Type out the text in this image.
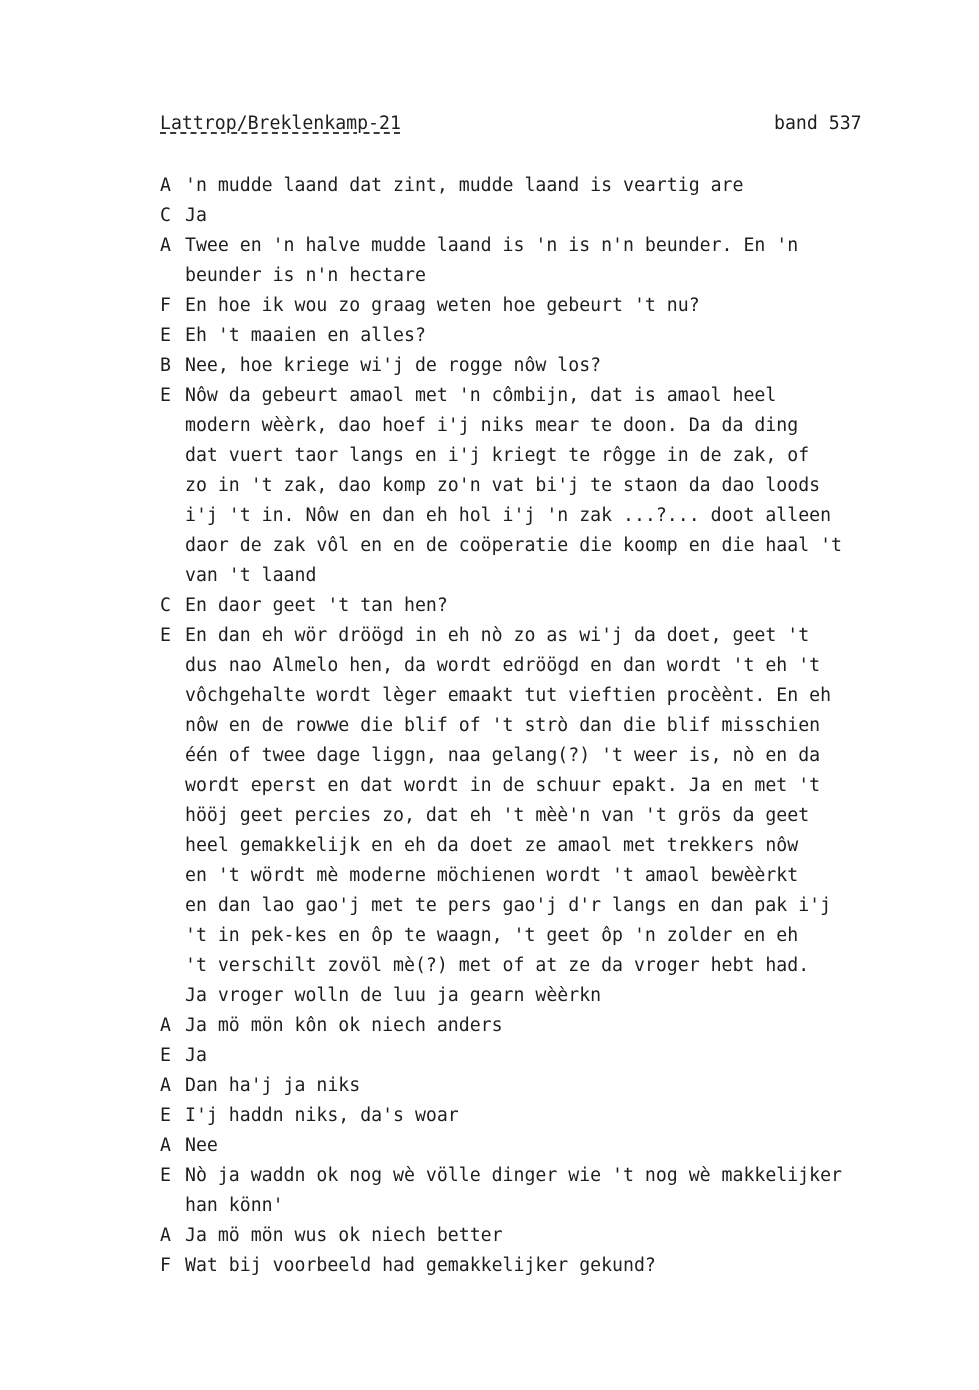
Lattrop/Breklenkamp-21	band 537
A 'n mudde laand dat zint, mudde laand is veartig are
C Ja
A Twee en 'n halve mudde laand is 'n is n'n beunder. En 'n
beunder is n'n hectare
F En hoe ik wou zo graag weten hoe gebeurt 't nu?
E Eh 't maaien en alles?
B Nee, hoe kriege wi'j de rogge nôw los?
E Nôw da gebeurt amaol met 'n cômbijn, dat is amaol heel
modern wèèrk, dao hoef i'j niks mear te doon. Da da ding
dat vuert taor langs en i'j kriegt te rôgge in de zak, of
zo in 't zak, dao komp zo'n vat bi'j te staon da dao loods
i'j 't in. Nôw en dan eh hol i'j 'n zak ...?... doot alleen
daor de zak vôl en en de coöperatie die koomp en die haal 't
van 't laand
C En daor geet 't tan hen?
E En dan eh wör dröögd in eh nò zo as wi'j da doet, geet 't
dus nao Almelo hen, da wordt edröögd en dan wordt 't eh 't
vôchgehalte wordt lèger emaakt tut vieftien procèènt. En eh
nôw en de rowwe die blif of 't strò dan die blif misschien
één of twee dage liggn, naa gelang(?) 't weer is, nò en da
wordt eperst en dat wordt in de schuur epakt. Ja en met 't
hööj geet percies zo, dat eh 't mèè'n van 't grös da geet
heel gemakkelijk en eh da doet ze amaol met trekkers nôw
en 't wördt mè moderne möchienen wordt 't amaol bewèèrkt
en dan lao gao'j met te pers gao'j d'r langs en dan pak i'j
't in pek-kes en ôp te waagn, 't geet ôp 'n zolder en eh
't verschilt zovöl mè(?) met of at ze da vroger hebt had.
Ja vroger wolln de luu ja gearn wèèrkn
A Ja mö mön kôn ok niech anders
E Ja
A Dan ha'j ja niks
E I'j haddn niks, da's woar
A Nee
E Nò ja waddn ok nog wè völle dinger wie 't nog wè makkelijker
han könn'
A Ja mö mön wus ok niech better
F Wat bij voorbeeld had gemakkelijker gekund?
